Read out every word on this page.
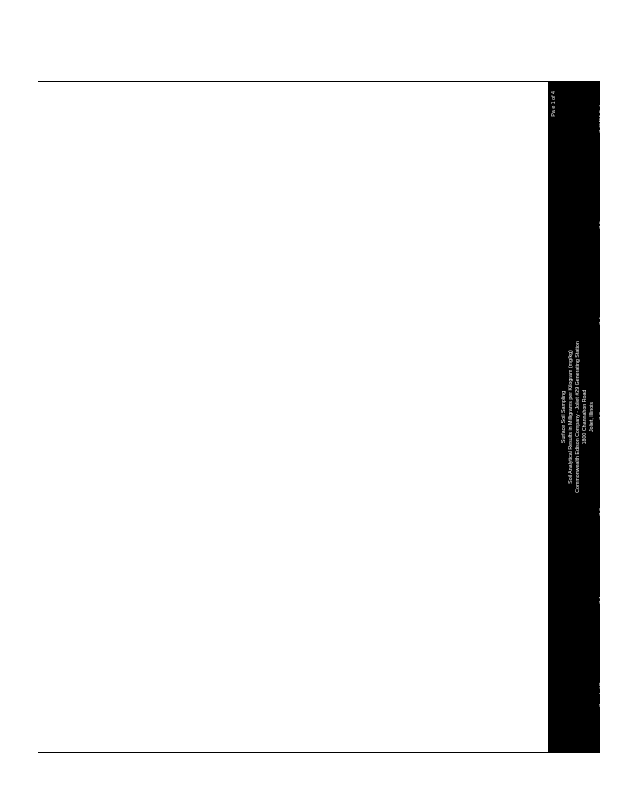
Pa e 1 of 4
Surface Soil Sampling Soil Analytical Results in Milligrams per Kilogram (mg/kg) Commonwealth Edison Company - Joliet #29 Generating Station 1800 Channahon Road Joliet, Illinois
